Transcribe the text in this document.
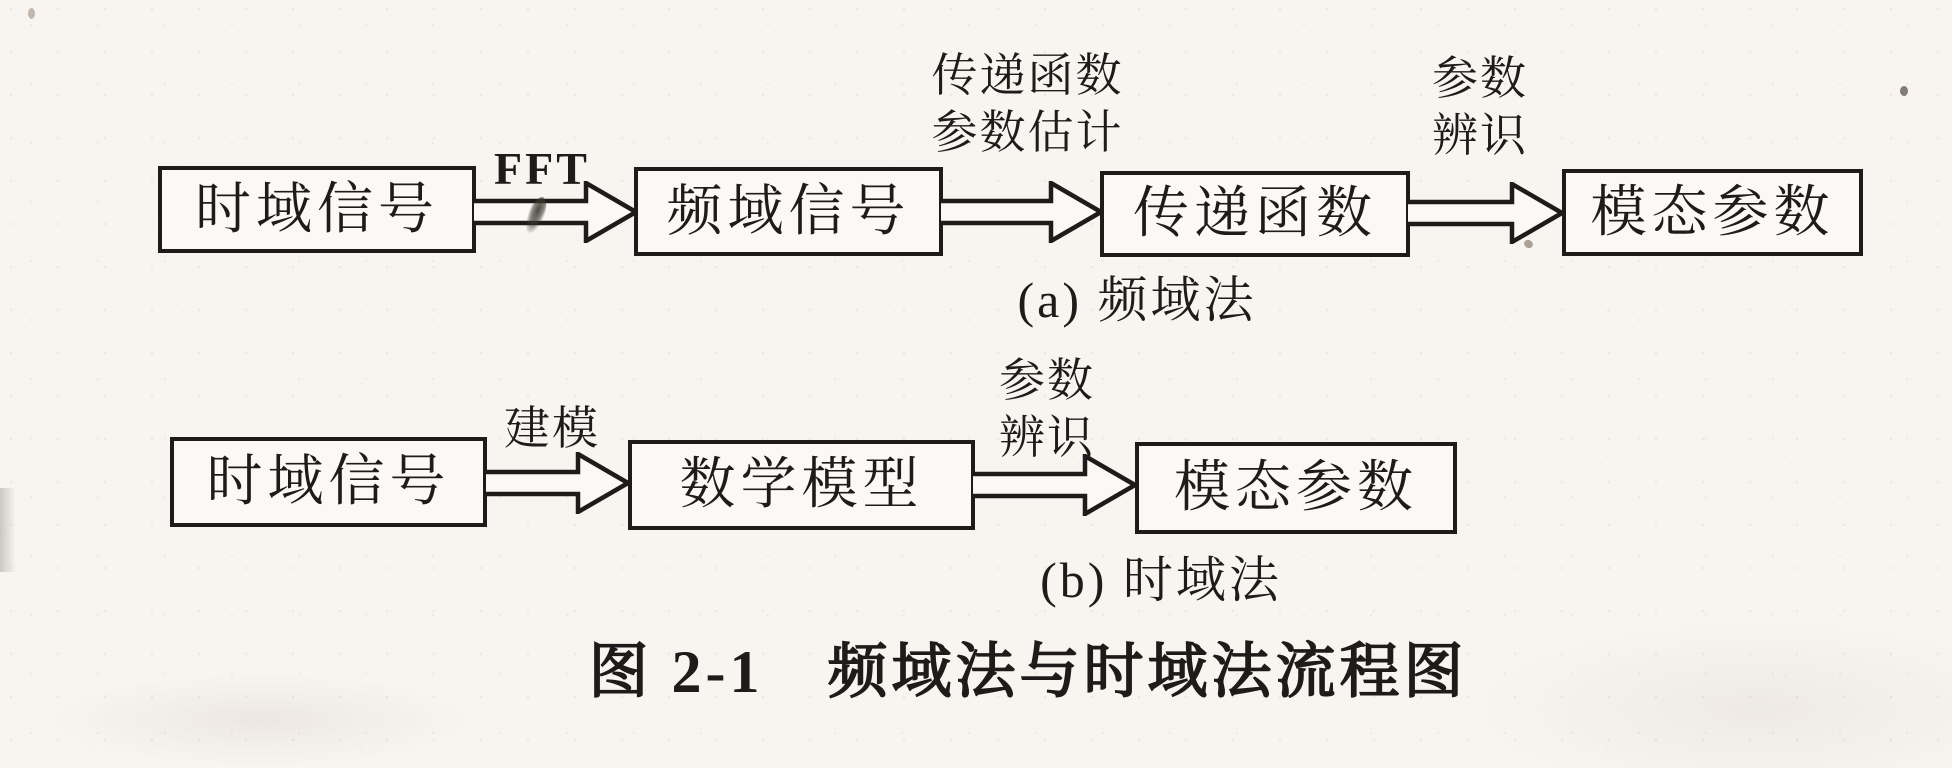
时域信号
FFT
频域信号
传递函数
参数估计
传递函数
参数
辨识
模态参数
(a) 频域法
时域信号
建模
数学模型
参数
辨识
模态参数
(b) 时域法
图 2-1　频域法与时域法流程图
